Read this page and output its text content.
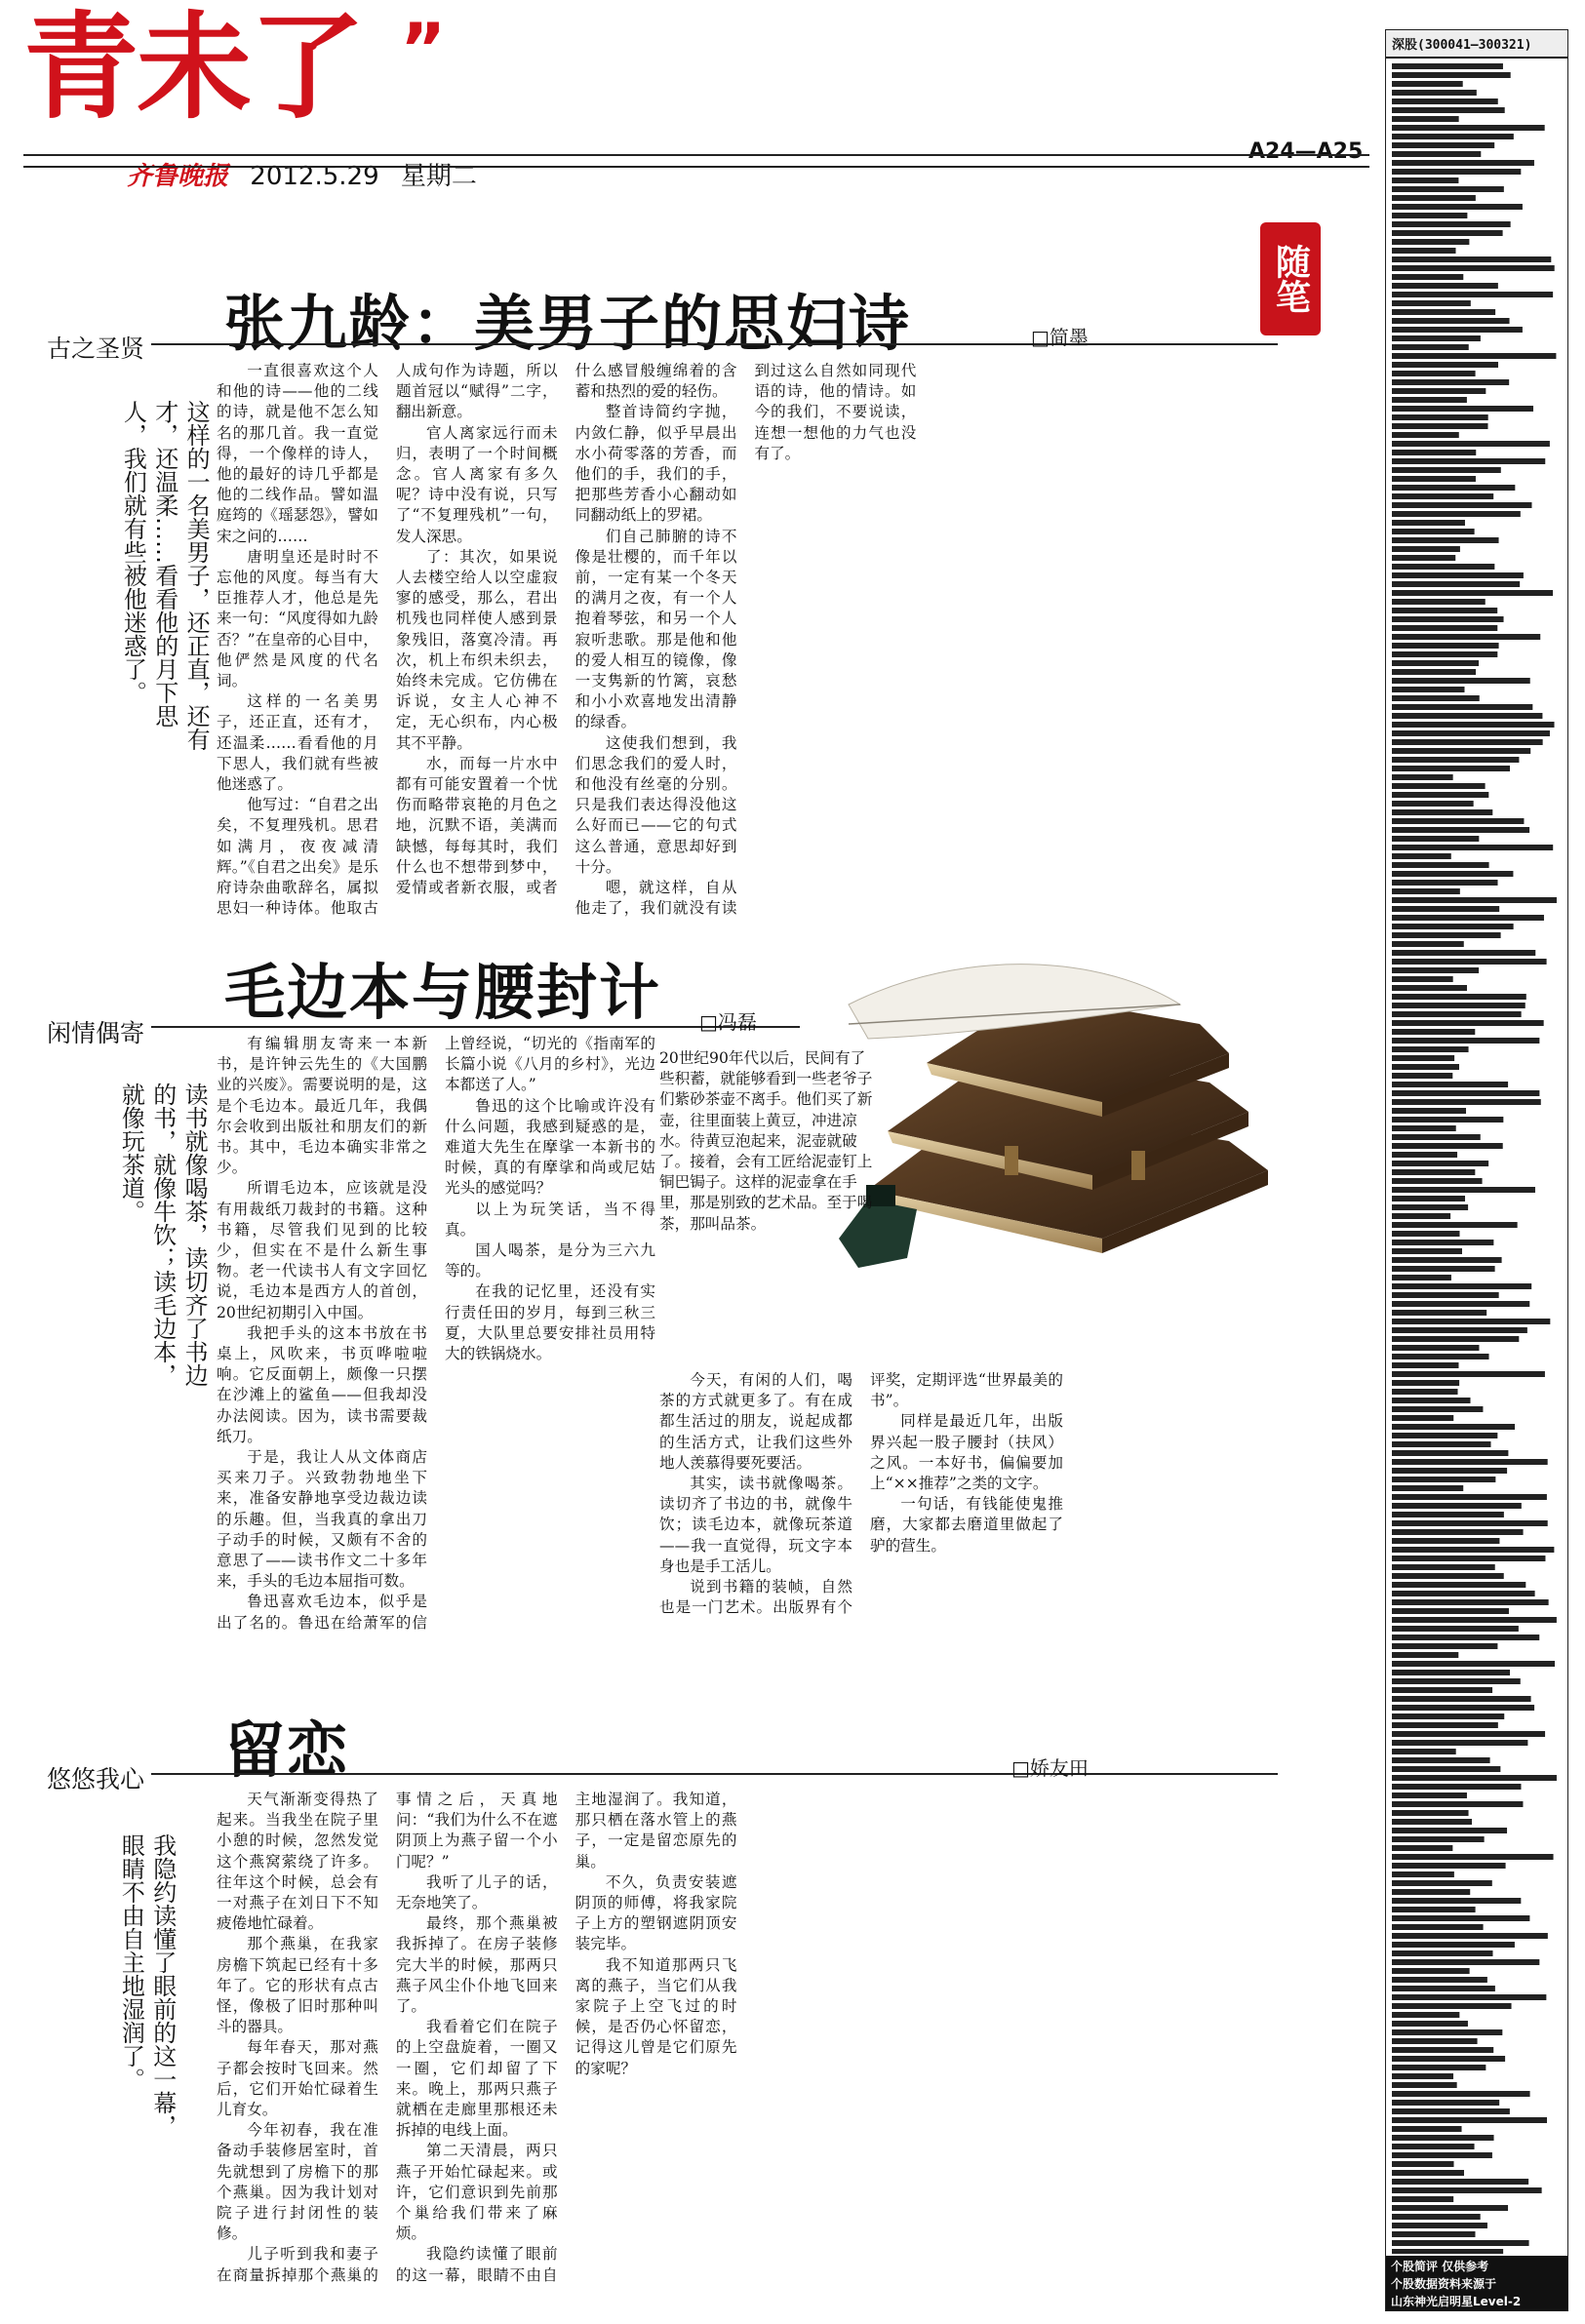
青未了 ”
齐鲁晚报 2012.5.29 星期二
A24—A25
随笔
张九龄：美男子的思妇诗
古之圣贤	□简墨
这样的一名美男子，还正直，还有才，还温柔……看看他的月下思人，我们就有些被他迷惑了。

一直很喜欢这个人和他的诗——他的二线的诗，就是他不怎么知名的那几首。我一直觉得，一个像样的诗人，他的最好的诗几乎都是他的二线作品。譬如温庭筠的《瑶瑟怨》，譬如宋之问的……

唐明皇还是时时不忘他的风度。每当有大臣推荐人才，他总是先来一句：“风度得如九龄否？”在皇帝的心目中，他俨然是风度的代名词。

这样的一名美男子，还正直，还有才，还温柔……看看他的月下思人，我们就有些被他迷惑了。

他写过：“自君之出矣，不复理残机。思君如满月，夜夜减清辉。”《自君之出矣》是乐府诗杂曲歌辞名，属拟思妇一种诗体。他取古人成句作为诗题，所以题首冠以“赋得”二字，翻出新意。

官人离家远行而未归，表明了一个时间概念。官人离家有多久呢？诗中没有说，只写了“不复理残机”一句，发人深思。

了：其次，如果说人去楼空给人以空虚寂寥的感受，那么，君出机残也同样使人感到景象残旧，落寞冷清。再次，机上布织未织去，始终未完成。它仿佛在诉说，女主人心神不定，无心织布，内心极其不平静。

水，而每一片水中都有可能安置着一个忧伤而略带哀艳的月色之地，沉默不语，美满而缺憾，每每其时，我们什么也不想带到梦中，爱情或者新衣服，或者什么感冒般缠绵着的含蓄和热烈的爱的轻伤。

整首诗简约字抛，内敛仁静，似乎早晨出水小荷零落的芳香，而他们的手，我们的手，把那些芳香小心翻动如同翻动纸上的罗裙。

们自己肺腑的诗不像是壮樱的，而千年以前，一定有某一个冬天的满月之夜，有一个人抱着琴弦，和另一个人寂听悲歌。那是他和他的爱人相互的镜像，像一支隽新的竹篱，哀愁和小小欢喜地发出清静的绿香。

这使我们想到，我们思念我们的爱人时，和他没有丝毫的分别。只是我们表达得没他这么好而已——它的句式这么普通，意思却好到十分。

嗯，就这样，自从他走了，我们就没有读到过这么自然如同现代语的诗，他的情诗。如今的我们，不要说读，连想一想他的力气也没有了。

毛边本与腰封计
闲情偶寄	□冯磊
读书就像喝茶，读切齐了书边的书，就像牛饮；读毛边本，就像玩茶道。
20世纪90年代以后，民间有了些积蓄，就能够看到一些老爷子们紫砂茶壶不离手。他们买了新壶，往里面装上黄豆，冲进凉水。待黄豆泡起来，泥壶就破了。接着，会有工匠给泥壶钉上铜巴锔子。这样的泥壶拿在手里，那是别致的艺术品。至于喝茶，那叫品茶。

有编辑朋友寄来一本新书，是许钟云先生的《大国鹏业的兴废》。需要说明的是，这是个毛边本。最近几年，我偶尔会收到出版社和朋友们的新书。其中，毛边本确实非常之少。

所谓毛边本，应该就是没有用裁纸刀裁封的书籍。这种书籍，尽管我们见到的比较少，但实在不是什么新生事物。老一代读书人有文字回忆说，毛边本是西方人的首创，20世纪初期引入中国。

我把手头的这本书放在书桌上，风吹来，书页哗啦啦响。它反面朝上，颇像一只摆在沙滩上的鲨鱼——但我却没办法阅读。因为，读书需要裁纸刀。

于是，我让人从文体商店买来刀子。兴致勃勃地坐下来，准备安静地享受边裁边读的乐趣。但，当我真的拿出刀子动手的时候，又颇有不舍的意思了——读书作文二十多年来，手头的毛边本屈指可数。

鲁迅喜欢毛边本，似乎是出了名的。鲁迅在给萧军的信上曾经说，“切光的《指南军的长篇小说《八月的乡村》，光边本都送了人。”

鲁迅的这个比喻或许没有什么问题，我感到疑惑的是，难道大先生在摩挲一本新书的时候，真的有摩挲和尚或尼姑光头的感觉吗？

以上为玩笑话，当不得真。

国人喝茶，是分为三六九等的。

在我的记忆里，还没有实行责任田的岁月，每到三秋三夏，大队里总要安排社员用特大的铁锅烧水。

今天，有闲的人们，喝茶的方式就更多了。有在成都生活过的朋友，说起成都的生活方式，让我们这些外地人羡慕得要死要活。

其实，读书就像喝茶。读切齐了书边的书，就像牛饮；读毛边本，就像玩茶道——我一直觉得，玩文字本身也是手工活儿。

说到书籍的装帧，自然也是一门艺术。出版界有个评奖，定期评选“世界最美的书”。

同样是最近几年，出版界兴起一股子腰封（扶风）之风。一本好书，偏偏要加上“××推荐”之类的文字。

一句话，有钱能使鬼推磨，大家都去磨道里做起了驴的营生。

留恋
悠悠我心	□娇友田
我隐约读懂了眼前的这一幕，眼睛不由自主地湿润了。

天气渐渐变得热了起来。当我坐在院子里小憩的时候，忽然发觉这个燕窝萦绕了许多。往年这个时候，总会有一对燕子在刘日下不知疲倦地忙碌着。

那个燕巢，在我家房檐下筑起已经有十多年了。它的形状有点古怪，像极了旧时那种叫斗的器具。

每年春天，那对燕子都会按时飞回来。然后，它们开始忙碌着生儿育女。

今年初春，我在准备动手装修居室时，首先就想到了房檐下的那个燕巢。因为我计划对院子进行封闭性的装修。

儿子听到我和妻子在商量拆掉那个燕巢的事情之后，天真地问：“我们为什么不在遮阴顶上为燕子留一个小门呢？”

我听了儿子的话，无奈地笑了。

最终，那个燕巢被我拆掉了。在房子装修完大半的时候，那两只燕子风尘仆仆地飞回来了。

我看着它们在院子的上空盘旋着，一圈又一圈，它们却留了下来。晚上，那两只燕子就栖在走廊里那根还未拆掉的电线上面。

第二天清晨，两只燕子开始忙碌起来。或许，它们意识到先前那个巢给我们带来了麻烦。

我隐约读懂了眼前的这一幕，眼睛不由自主地湿润了。我知道，那只栖在落水管上的燕子，一定是留恋原先的巢。

不久，负责安装遮阴顶的师傅，将我家院子上方的塑钢遮阴顶安装完毕。

我不知道那两只飞离的燕子，当它们从我家院子上空飞过的时候，是否仍心怀留恋，记得这儿曾是它们原先的家呢？

深股(300041—300321)
个股简评 仅供参考
个股数据资料来源于
山东神光启明星Level-2
